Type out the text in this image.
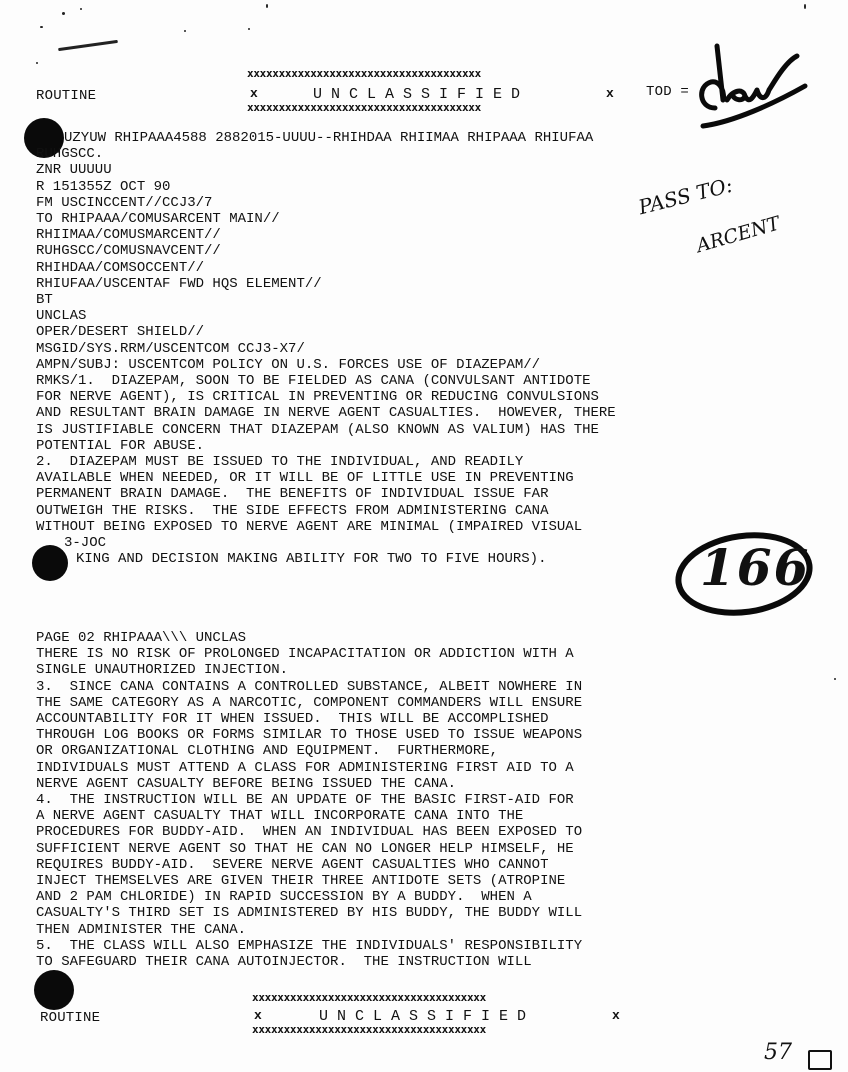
xxxxxxxxxxxxxxxxxxxxxxxxxxxxxxxxxxxxx
ROUTINE	x	UNCLASSIFIED	x
xxxxxxxxxxxxxxxxxxxxxxxxxxxxxxxxxxxxx
TOD =
UZYUW RHIPAAA4588 2882015-UUUU--RHIHDAA RHIIMAA RHIPAAA RHIUFAA
RUHGSCC.
ZNR UUUUU
R 151355Z OCT 90
FM USCINCCENT//CCJ3/7
TO RHIPAAA/COMUSARCENT MAIN//
RHIIMAA/COMUSMARCENT//
RUHGSCC/COMUSNAVCENT//
RHIHDAA/COMSOCCENT//
RHIUFAA/USCENTAF FWD HQS ELEMENT//
BT
UNCLAS
OPER/DESERT SHIELD//
MSGID/SYS.RRM/USCENTCOM CCJ3-X7/
AMPN/SUBJ: USCENTCOM POLICY ON U.S. FORCES USE OF DIAZEPAM//
RMKS/1.  DIAZEPAM, SOON TO BE FIELDED AS CANA (CONVULSANT ANTIDOTE
FOR NERVE AGENT), IS CRITICAL IN PREVENTING OR REDUCING CONVULSIONS
AND RESULTANT BRAIN DAMAGE IN NERVE AGENT CASUALTIES.  HOWEVER, THERE
IS JUSTIFIABLE CONCERN THAT DIAZEPAM (ALSO KNOWN AS VALIUM) HAS THE
POTENTIAL FOR ABUSE.
2.  DIAZEPAM MUST BE ISSUED TO THE INDIVIDUAL, AND READILY
AVAILABLE WHEN NEEDED, OR IT WILL BE OF LITTLE USE IN PREVENTING
PERMANENT BRAIN DAMAGE.  THE BENEFITS OF INDIVIDUAL ISSUE FAR
OUTWEIGH THE RISKS.  THE SIDE EFFECTS FROM ADMINISTERING CANA
WITHOUT BEING EXPOSED TO NERVE AGENT ARE MINIMAL (IMPAIRED VISUAL
3-JOC
KING AND DECISION MAKING ABILITY FOR TWO TO FIVE HOURS).
PASS TO:
ARCENT
166
PAGE 02 RHIPAAA\\\ UNCLAS
THERE IS NO RISK OF PROLONGED INCAPACITATION OR ADDICTION WITH A
SINGLE UNAUTHORIZED INJECTION.
3.  SINCE CANA CONTAINS A CONTROLLED SUBSTANCE, ALBEIT NOWHERE IN
THE SAME CATEGORY AS A NARCOTIC, COMPONENT COMMANDERS WILL ENSURE
ACCOUNTABILITY FOR IT WHEN ISSUED.  THIS WILL BE ACCOMPLISHED
THROUGH LOG BOOKS OR FORMS SIMILAR TO THOSE USED TO ISSUE WEAPONS
OR ORGANIZATIONAL CLOTHING AND EQUIPMENT.  FURTHERMORE,
INDIVIDUALS MUST ATTEND A CLASS FOR ADMINISTERING FIRST AID TO A
NERVE AGENT CASUALTY BEFORE BEING ISSUED THE CANA.
4.  THE INSTRUCTION WILL BE AN UPDATE OF THE BASIC FIRST-AID FOR
A NERVE AGENT CASUALTY THAT WILL INCORPORATE CANA INTO THE
PROCEDURES FOR BUDDY-AID.  WHEN AN INDIVIDUAL HAS BEEN EXPOSED TO
SUFFICIENT NERVE AGENT SO THAT HE CAN NO LONGER HELP HIMSELF, HE
REQUIRES BUDDY-AID.  SEVERE NERVE AGENT CASUALTIES WHO CANNOT
INJECT THEMSELVES ARE GIVEN THEIR THREE ANTIDOTE SETS (ATROPINE
AND 2 PAM CHLORIDE) IN RAPID SUCCESSION BY A BUDDY.  WHEN A
CASUALTY'S THIRD SET IS ADMINISTERED BY HIS BUDDY, THE BUDDY WILL
THEN ADMINISTER THE CANA.
5.  THE CLASS WILL ALSO EMPHASIZE THE INDIVIDUALS' RESPONSIBILITY
TO SAFEGUARD THEIR CANA AUTOINJECTOR.  THE INSTRUCTION WILL
xxxxxxxxxxxxxxxxxxxxxxxxxxxxxxxxxxxxx
ROUTINE	x	UNCLASSIFIED	x
xxxxxxxxxxxxxxxxxxxxxxxxxxxxxxxxxxxxx
57
